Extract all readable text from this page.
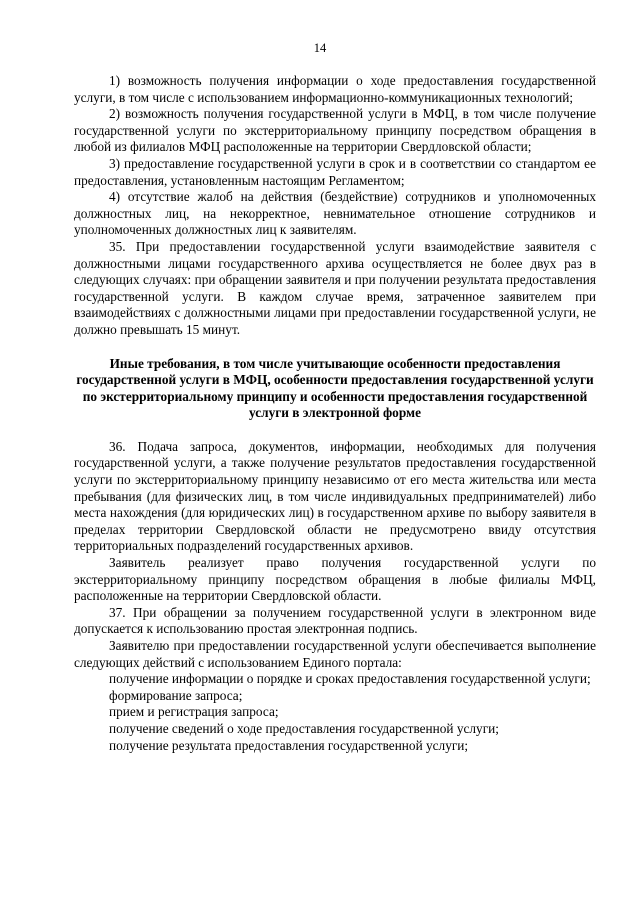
14

1) возможность получения информации о ходе предоставления государственной услуги, в том числе с использованием информационно-коммуникационных технологий;

2) возможность получения государственной услуги в МФЦ, в том числе получение государственной услуги по экстерриториальному принципу посредством обращения в любой из филиалов МФЦ расположенные на территории Свердловской области;

3) предоставление государственной услуги в срок и в соответствии со стандартом ее предоставления, установленным настоящим Регламентом;

4) отсутствие жалоб на действия (бездействие) сотрудников и уполномоченных должностных лиц, на некорректное, невнимательное отношение сотрудников и уполномоченных должностных лиц к заявителям.

35. При предоставлении государственной услуги взаимодействие заявителя с должностными лицами государственного архива осуществляется не более двух раз в следующих случаях: при обращении заявителя и при получении результата предоставления государственной услуги. В каждом случае время, затраченное заявителем при взаимодействиях с должностными лицами при предоставлении государственной услуги, не должно превышать 15 минут.

Иные требования, в том числе учитывающие особенности предоставления государственной услуги в МФЦ, особенности предоставления государственной услуги по экстерриториальному принципу и особенности предоставления государственной услуги в электронной форме

36. Подача запроса, документов, информации, необходимых для получения государственной услуги, а также получение результатов предоставления государственной услуги по экстерриториальному принципу независимо от его места жительства или места пребывания (для физических лиц, в том числе индивидуальных предпринимателей) либо места нахождения (для юридических лиц) в государственном архиве по выбору заявителя в пределах территории Свердловской области не предусмотрено ввиду отсутствия территориальных подразделений государственных архивов.

Заявитель реализует право получения государственной услуги по экстерриториальному принципу посредством обращения в любые филиалы МФЦ, расположенные на территории Свердловской области.

37. При обращении за получением государственной услуги в электронном виде допускается к использованию простая электронная подпись.

Заявителю при предоставлении государственной услуги обеспечивается выполнение следующих действий с использованием Единого портала:

получение информации о порядке и сроках предоставления государственной услуги;

формирование запроса;

прием и регистрация запроса;

получение сведений о ходе предоставления государственной услуги;

получение результата предоставления государственной услуги;
